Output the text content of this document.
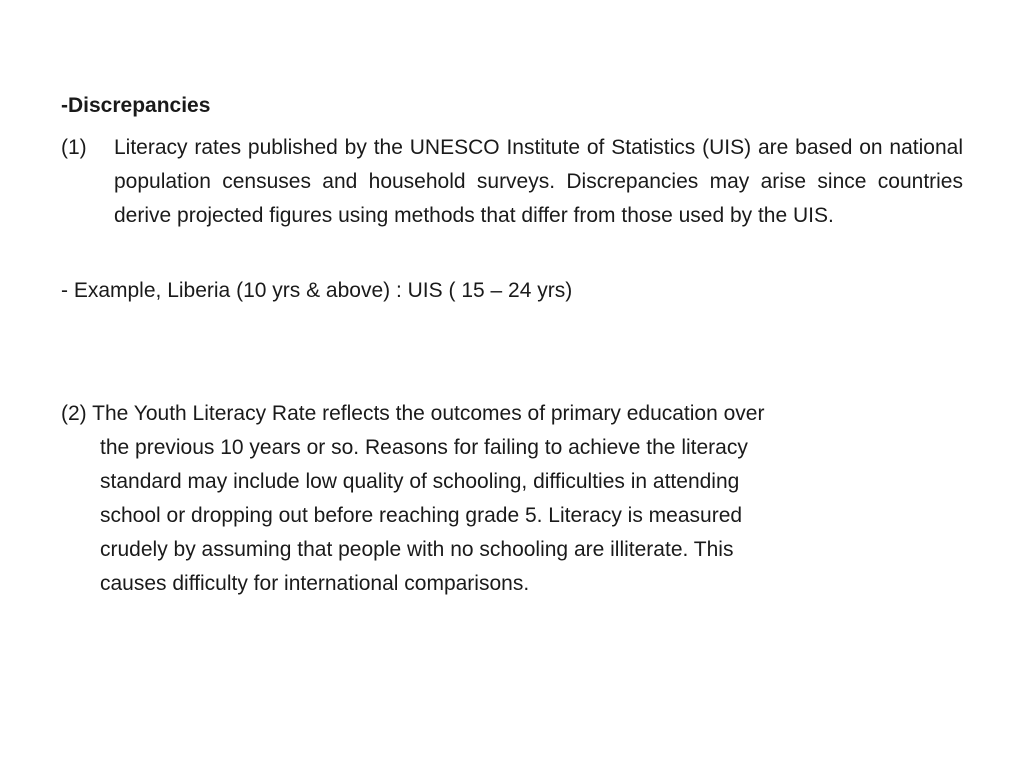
-Discrepancies
(1) Literacy rates published by the UNESCO Institute of Statistics (UIS) are based on national population censuses and household surveys. Discrepancies may arise since countries derive projected figures using methods that differ from those used by the UIS.
- Example, Liberia (10 yrs & above) : UIS ( 15 – 24 yrs)
(2) The Youth Literacy Rate reflects the outcomes of primary education over
the previous 10 years or so. Reasons for failing to achieve the literacy
standard may include low quality of schooling, difficulties in attending
school or dropping out before reaching grade 5. Literacy is measured
crudely by assuming that people with no schooling are illiterate. This
causes difficulty for international comparisons.
